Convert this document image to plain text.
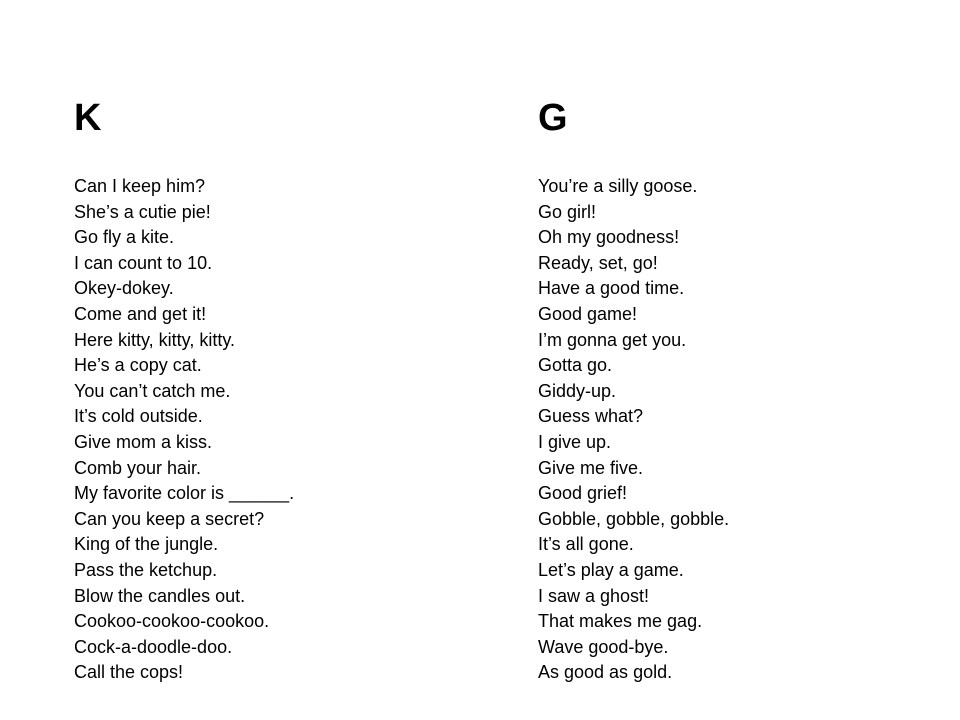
K
Can I keep him?
She’s a cutie pie!
Go fly a kite.
I can count to 10.
Okey-dokey.
Come and get it!
Here kitty, kitty, kitty.
He’s a copy cat.
You can’t catch me.
It’s cold outside.
Give mom a kiss.
Comb your hair.
My favorite color is ______.
Can you keep a secret?
King of the jungle.
Pass the ketchup.
Blow the candles out.
Cookoo-cookoo-cookoo.
Cock-a-doodle-doo.
Call the cops!
G
You’re a silly goose.
Go girl!
Oh my goodness!
Ready, set, go!
Have a good time.
Good game!
I’m gonna get you.
Gotta go.
Giddy-up.
Guess what?
I give up.
Give me five.
Good grief!
Gobble, gobble, gobble.
It’s all gone.
Let’s play a game.
I saw a ghost!
That makes me gag.
Wave good-bye.
As good as gold.
